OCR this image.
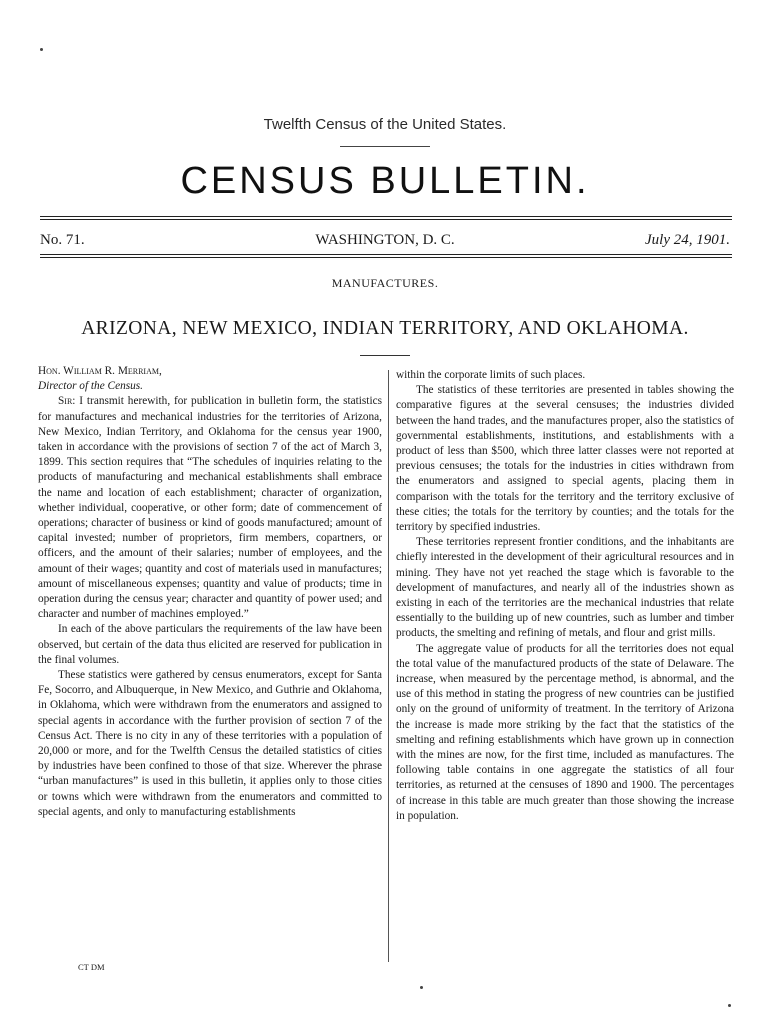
Twelfth Census of the United States.
CENSUS BULLETIN.
No. 71.	WASHINGTON, D. C.	July 24, 1901.
MANUFACTURES.
ARIZONA, NEW MEXICO, INDIAN TERRITORY, AND OKLAHOMA.

Hon. William R. Merriam,

Director of the Census.

Sir: I transmit herewith, for publication in bulletin form, the statistics for manufactures and mechanical industries for the territories of Arizona, New Mexico, Indian Territory, and Oklahoma for the census year 1900, taken in accordance with the provisions of section 7 of the act of March 3, 1899. This section requires that “The schedules of inquiries relating to the products of manufacturing and mechanical establishments shall embrace the name and location of each establishment; character of organization, whether individual, cooperative, or other form; date of commencement of operations; character of business or kind of goods manufactured; amount of capital invested; number of proprietors, firm members, copartners, or officers, and the amount of their salaries; number of employees, and the amount of their wages; quantity and cost of materials used in manufactures; amount of miscellaneous expenses; quantity and value of products; time in operation during the census year; character and quantity of power used; and character and number of machines employed.”

In each of the above particulars the requirements of the law have been observed, but certain of the data thus elicited are reserved for publication in the final volumes.

These statistics were gathered by census enumerators, except for Santa Fe, Socorro, and Albuquerque, in New Mexico, and Guthrie and Oklahoma, in Oklahoma, which were withdrawn from the enumerators and assigned to special agents in accordance with the further provision of section 7 of the Census Act. There is no city in any of these territories with a population of 20,000 or more, and for the Twelfth Census the detailed statistics of cities by industries have been confined to those of that size. Wherever the phrase “urban manufactures” is used in this bulletin, it applies only to those cities or towns which were withdrawn from the enumerators and committed to special agents, and only to manufacturing establishments

within the corporate limits of such places.

The statistics of these territories are presented in tables showing the comparative figures at the several censuses; the industries divided between the hand trades, and the manufactures proper, also the statistics of governmental establishments, institutions, and establishments with a product of less than $500, which three latter classes were not reported at previous censuses; the totals for the industries in cities withdrawn from the enumerators and assigned to special agents, placing them in comparison with the totals for the territory and the territory exclusive of these cities; the totals for the territory by counties; and the totals for the territory by specified industries.

These territories represent frontier conditions, and the inhabitants are chiefly interested in the development of their agricultural resources and in mining. They have not yet reached the stage which is favorable to the development of manufactures, and nearly all of the industries shown as existing in each of the territories are the mechanical industries that relate essentially to the building up of new countries, such as lumber and timber products, the smelting and refining of metals, and flour and grist mills.

The aggregate value of products for all the territories does not equal the total value of the manufactured products of the state of Delaware. The increase, when measured by the percentage method, is abnormal, and the use of this method in stating the progress of new countries can be justified only on the ground of uniformity of treatment. In the territory of Arizona the increase is made more striking by the fact that the statistics of the smelting and refining establishments which have grown up in connection with the mines are now, for the first time, included as manufactures. The following table contains in one aggregate the statistics of all four territories, as returned at the censuses of 1890 and 1900. The percentages of increase in this table are much greater than those showing the increase in population.

CT DM
